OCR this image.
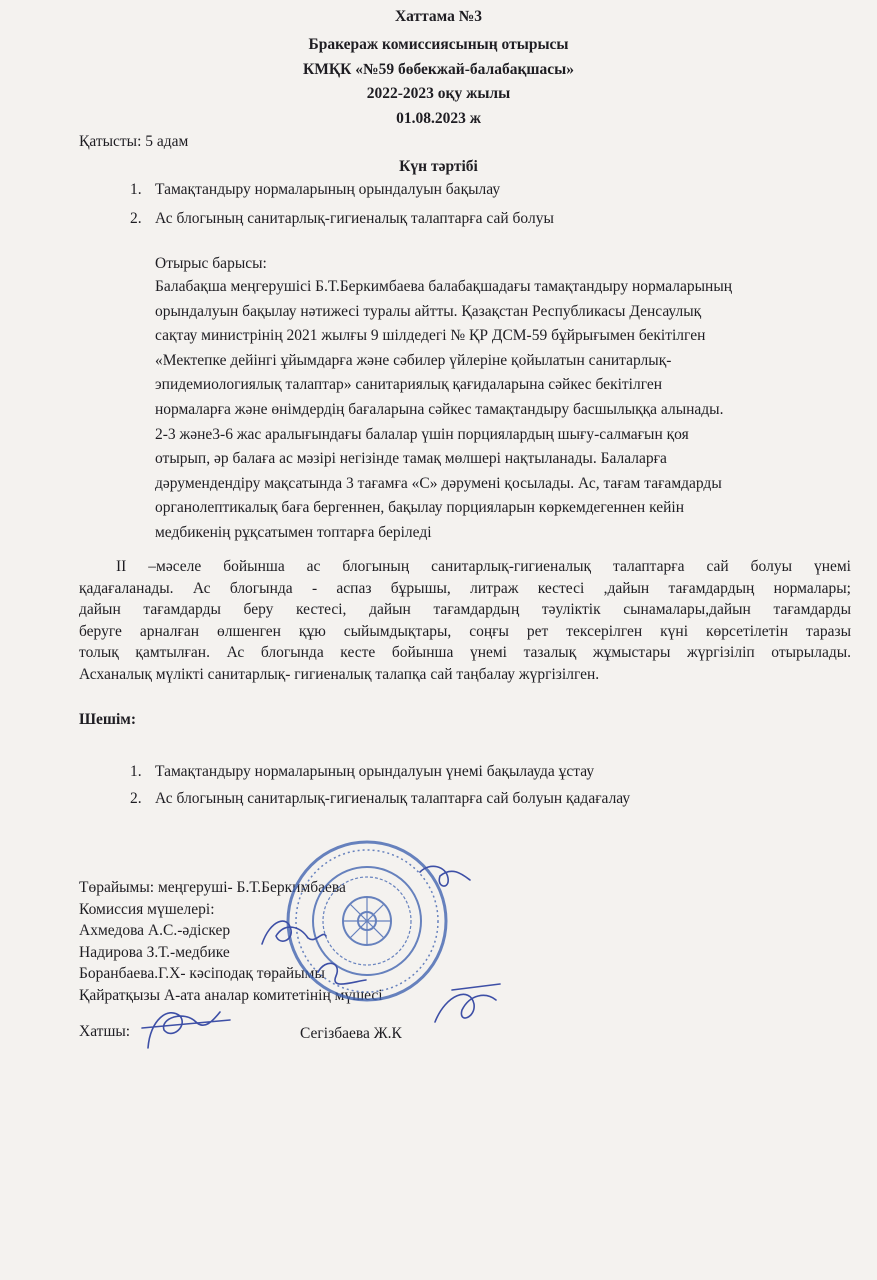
Хаттама №3
Бракераж комиссиясының отырысы
КМҚК «№59 бөбекжай-балабақшасы»
2022-2023 оқу жылы
01.08.2023 ж
Қатысты: 5 адам
Күн тәртібі
1. Тамақтандыру нормаларының орындалуын бақылау
2. Ас блогының санитарлық-гигиеналық талаптарға сай болуы
Отырыс барысы:
Балабақша меңгерушісі Б.Т.Беркимбаева балабақшадағы тамақтандыру нормаларының
орындалуын бақылау нәтижесі туралы айтты. Қазақстан Республикасы Денсаулық
сақтау министрінің 2021 жылғы 9 шілдедегі № ҚР ДСМ-59 бұйрығымен бекітілген
«Мектепке дейінгі ұйымдарға және сәбилер үйлеріне қойылатын санитарлық-
эпидемиологиялық талаптар» санитариялық қағидаларына сәйкес бекітілген
нормаларға және өнімдердің бағаларына сәйкес тамақтандыру басшылыққа алынады.
2-3 және3-6 жас аралығындағы балалар үшін порциялардың шығу-салмағын қоя
отырып, әр балаға ас мәзірі негізінде тамақ мөлшері нақтыланады. Балаларға
дәрумендендіру мақсатында 3 тағамға «С» дәрумені қосылады. Ас, тағам тағамдарды
органолептикалық баға бергеннен, бақылау порцияларын көркемдегеннен кейін
медбикенің рұқсатымен топтарға беріледі
II –мәселе бойынша ас блогының санитарлық-гигиеналық талаптарға сай болуы үнемі
қадағаланады. Ас блогында - аспаз бұрышы, литраж кестесі ,дайын тағамдардың нормалары;
дайын тағамдарды беру кестесі, дайын тағамдардың тәуліктік сынамалары,дайын тағамдарды
беруге арналған өлшенген құю сыйымдықтары, соңғы рет тексерілген күні көрсетілетін таразы
толық қамтылған. Ас блогында кесте бойынша үнемі тазалық жұмыстары жүргізіліп отырылады.
Асханалық мүлікті санитарлық- гигиеналық талапқа сай таңбалау жүргізілген.
Шешім:
1. Тамақтандыру нормаларының орындалуын үнемі бақылауда ұстау
2. Ас блогының санитарлық-гигиеналық талаптарға сай болуын қадағалау
Төрайымы: меңгеруші- Б.Т.Беркимбаева
Комиссия мүшелері:
Ахмедова А.С.-әдіскер
Надирова З.Т.-медбике
Боранбаева.Г.Х- кәсіподақ төрайымы
Қайратқызы А-ата аналар комитетінің мүшесі
Хатшы:	Сегізбаева Ж.К
